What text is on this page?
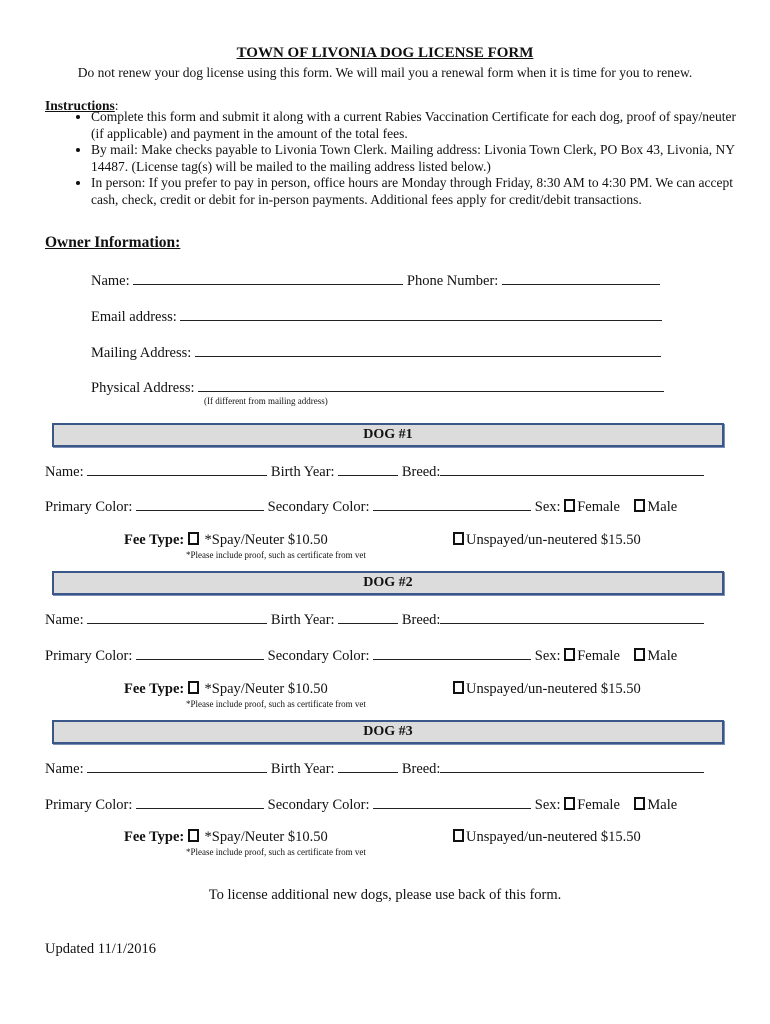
TOWN OF LIVONIA DOG LICENSE FORM
Do not renew your dog license using this form. We will mail you a renewal form when it is time for you to renew.
Instructions:
• Complete this form and submit it along with a current Rabies Vaccination Certificate for each dog, proof of spay/neuter (if applicable) and payment in the amount of the total fees.
• By mail: Make checks payable to Livonia Town Clerk. Mailing address: Livonia Town Clerk, PO Box 43, Livonia, NY 14487. (License tag(s) will be mailed to the mailing address listed below.)
• In person: If you prefer to pay in person, office hours are Monday through Friday, 8:30 AM to 4:30 PM. We can accept cash, check, credit or debit for in-person payments. Additional fees apply for credit/debit transactions.
Owner Information:
Name:	Phone Number:
Email address:
Mailing Address:
Physical Address:
(If different from mailing address)
DOG #1
Name:	Birth Year:	Breed:
Primary Color:	Secondary Color:	Sex: Female Male
Fee Type: *Spay/Neuter $10.50	Unspayed/un-neutered $15.50
*Please include proof, such as certificate from vet
DOG #2
Name:	Birth Year:	Breed:
Primary Color:	Secondary Color:	Sex: Female Male
Fee Type: *Spay/Neuter $10.50	Unspayed/un-neutered $15.50
*Please include proof, such as certificate from vet
DOG #3
Name:	Birth Year:	Breed:
Primary Color:	Secondary Color:	Sex: Female Male
Fee Type: *Spay/Neuter $10.50	Unspayed/un-neutered $15.50
*Please include proof, such as certificate from vet
To license additional new dogs, please use back of this form.
Updated 11/1/2016
